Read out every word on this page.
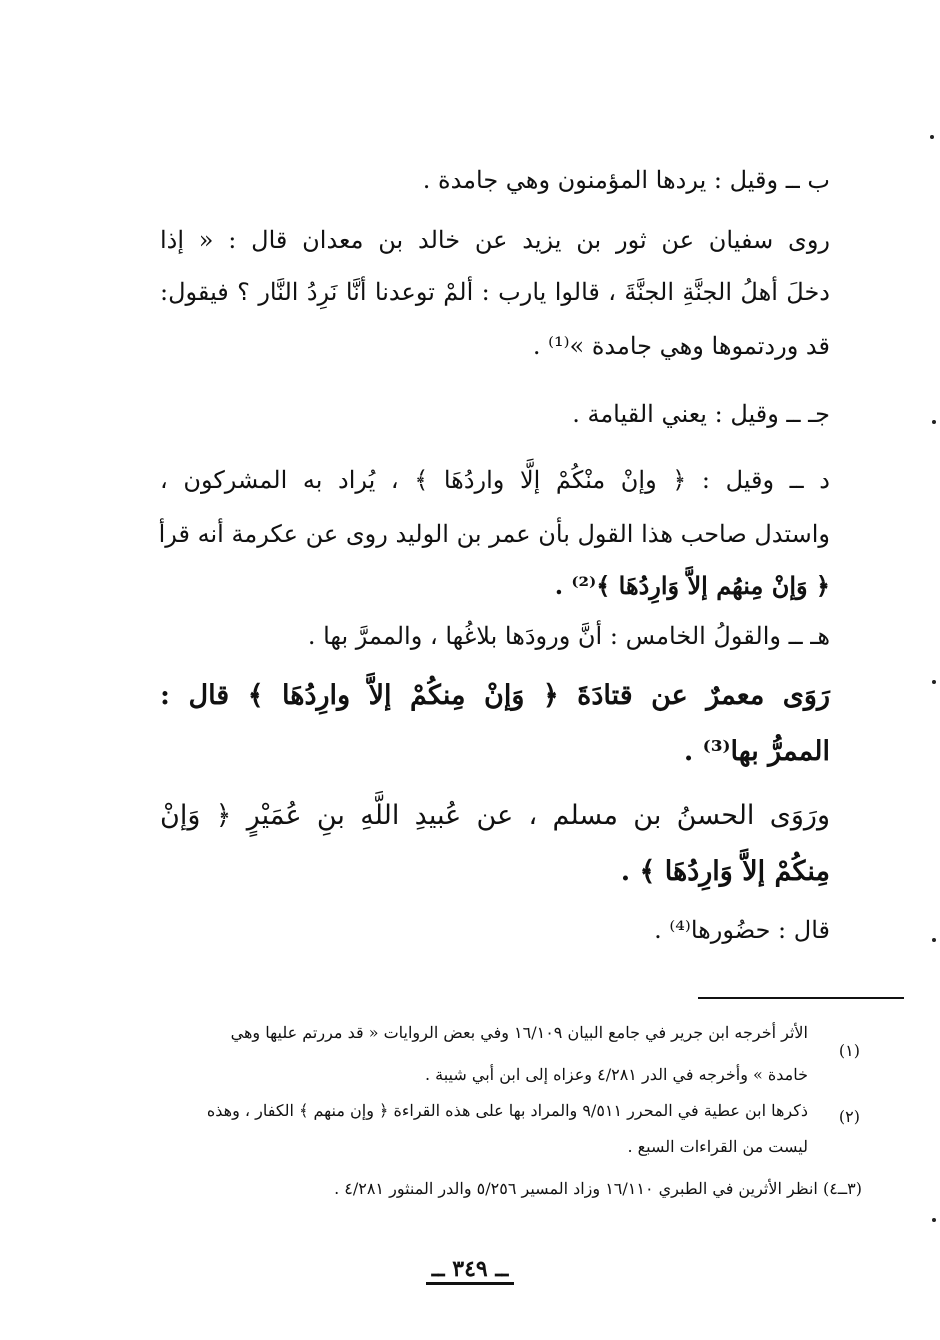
ب ــ وقيل : يردها المؤمنون وهي جامدة .
روى سفيان عن ثور بن يزيد عن خالد بن معدان قال : « إذا
دخلَ أهلُ الجنَّةِ الجنَّةَ ، قالوا يارب : ألمْ توعدنا أنَّا نَرِدُ النَّار ؟ فيقول:
قد وردتموها وهي جامدة »⁽¹⁾ .
جـ ــ وقيل : يعني القيامة .
د ــ وقيل : ﴿ وإنْ منْكُمْ إلَّا واردُهَا ﴾ ، يُراد به المشركون ،
واستدل صاحب هذا القول بأن عمر بن الوليد روى عن عكرمة أنه قرأ
﴿ وَإنْ مِنهُم إلاَّ وَارِدُهَا ﴾⁽²⁾ .
هـ ــ والقولُ الخامس : أنَّ ورودَها بلاغُها ، والممرَّ بها .
رَوَى معمرٌ عن قتادَةَ ﴿ وَإنْ مِنكُمْ إلاَّ وارِدُهَا ﴾ قال :
الممرُّ بها⁽³⁾ .
ورَوَى الحسنُ بن مسلم ، عن عُبيدِ اللَّهِ بنِ عُمَيْرٍ ﴿ وَإنْ
مِنكُمْ إلاَّ وَارِدُهَا ﴾ .
قال : حضُورها⁽⁴⁾ .
(١)
الأثر أخرجه ابن جرير في جامع البيان ١٦/١٠٩ وفي بعض الروايات « قد مررتم عليها وهي
خامدة » وأخرجه في الدر ٤/٢٨١ وعزاه إلى ابن أبي شيبة .
(٢)
ذكرها ابن عطية في المحرر ٩/٥١١ والمراد بها على هذه القراءة ﴿ وإن منهم ﴾ الكفار ، وهذه
ليست من القراءات السبع .
(٣ــ٤) انظر الأثرين في الطبري ١٦/١١٠ وزاد المسير ٥/٢٥٦ والدر المنثور ٤/٢٨١ .
ــ ٣٤٩ ــ
